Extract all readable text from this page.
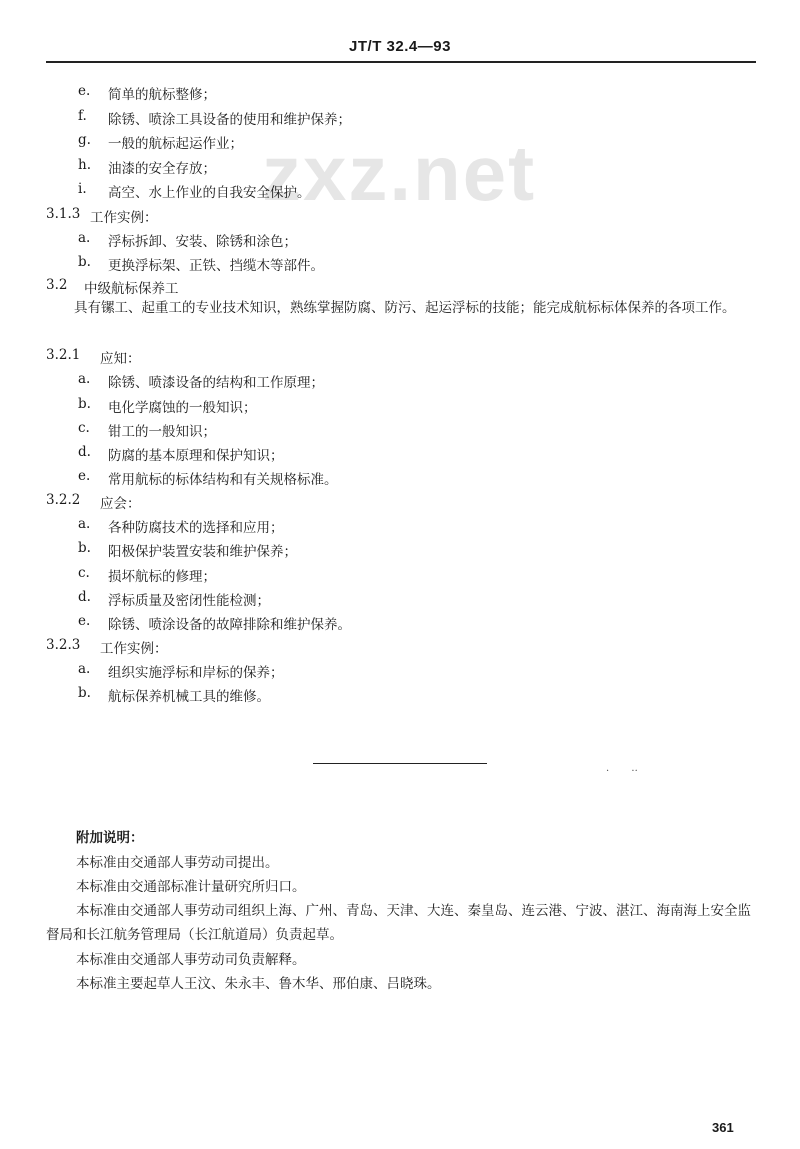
JT/T 32.4—93
zxz.net
e. 简单的航标整修；
f. 除锈、喷涂工具设备的使用和维护保养；
g. 一般的航标起运作业；
h. 油漆的安全存放；
i. 高空、水上作业的自我安全保护。
3.1.3 工作实例：
a. 浮标拆卸、安装、除锈和涂色；
b. 更换浮标架、正铁、挡缆木等部件。
3.2 中级航标保养工
具有镙工、起重工的专业技术知识，熟练掌握防腐、防污、起运浮标的技能；能完成航标标体保养的各项工作。
3.2.1 应知：
a. 除锈、喷漆设备的结构和工作原理；
b. 电化学腐蚀的一般知识；
c. 钳工的一般知识；
d. 防腐的基本原理和保护知识；
e. 常用航标的标体结构和有关规格标准。
3.2.2 应会：
a. 各种防腐技术的选择和应用；
b. 阳极保护装置安装和维护保养；
c. 损坏航标的修理；
d. 浮标质量及密闭性能检测；
e. 除锈、喷涂设备的故障排除和维护保养。
3.2.3 工作实例：
a. 组织实施浮标和岸标的保养；
b. 航标保养机械工具的维修。
·       ··
附加说明：
本标准由交通部人事劳动司提出。
本标准由交通部标准计量研究所归口。
本标准由交通部人事劳动司组织上海、广州、青岛、天津、大连、秦皇岛、连云港、宁波、湛江、海南海上安全监督局和长江航务管理局（长江航道局）负责起草。
本标准由交通部人事劳动司负责解释。
本标准主要起草人王汶、朱永丰、鲁木华、邢伯康、吕晓珠。
361
